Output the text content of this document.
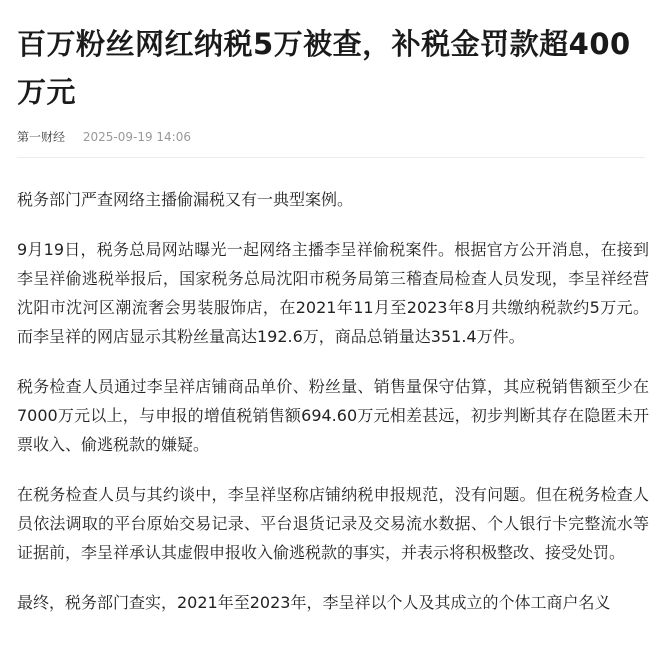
百万粉丝网红纳税5万被查，补税金罚款超400万元
第一财经 2025-09-19 14:06

税务部门严查网络主播偷漏税又有一典型案例。

9月19日，税务总局网站曝光一起网络主播李呈祥偷税案件。根据官方公开消息，在接到李呈祥偷逃税举报后，国家税务总局沈阳市税务局第三稽查局检查人员发现，李呈祥经营沈阳市沈河区潮流奢会男装服饰店，在2021年11月至2023年8月共缴纳税款约5万元。而李呈祥的网店显示其粉丝量高达192.6万，商品总销量达351.4万件。

税务检查人员通过李呈祥店铺商品单价、粉丝量、销售量保守估算，其应税销售额至少在7000万元以上，与申报的增值税销售额694.60万元相差甚远，初步判断其存在隐匿未开票收入、偷逃税款的嫌疑。

在税务检查人员与其约谈中，李呈祥坚称店铺纳税申报规范，没有问题。但在税务检查人员依法调取的平台原始交易记录、平台退货记录及交易流水数据、个人银行卡完整流水等证据前，李呈祥承认其虚假申报收入偷逃税款的事实，并表示将积极整改、接受处罚。

最终，税务部门查实，2021年至2023年，李呈祥以个人及其成立的个体工商户名义
